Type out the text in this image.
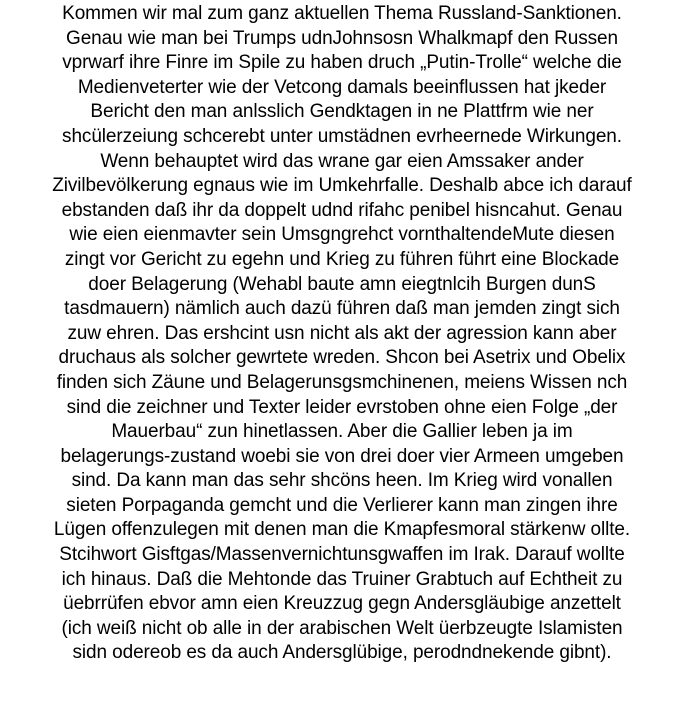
Kommen wir mal zum ganz aktuellen Thema Russland-Sanktionen.
Genau wie man bei Trumps udnJohnsosn Whalkmapf den Russen
vprwarf ihre Finre im Spile zu haben druch „Putin-Trolle“ welche die
Medienveterter wie der Vetcong damals beeinflussen hat jkeder
Bericht den man anlsslich Gendktagen in ne Plattfrm wie ner
shcülerzeiung schcerebt unter umstädnen evrheernede Wirkungen.
Wenn behauptet wird das wrane gar eien Amssaker ander
Zivilbevölkerung egnaus wie im Umkehrfalle. Deshalb abce ich darauf
ebstanden daß ihr da doppelt udnd rifahc penibel hisncahut. Genau
wie eien eienmavter sein Umsgngrehct vornthaltendeMute diesen
zingt vor Gericht zu egehn und Krieg zu führen führt eine Blockade
doer Belagerung (Wehabl baute amn eiegtnlcih Burgen dunS
tasdmauern) nämlich auch dazü führen daß man jemden zingt sich
zuw ehren. Das ershcint usn nicht als akt der agression kann aber
druchaus als solcher gewrtete wreden. Shcon bei Asetrix und Obelix
finden sich Zäune und Belagerunsgsmchinenen, meiens Wissen nch
sind die zeichner und Texter leider evrstoben ohne eien Folge „der
Mauerbau“ zun hinetlassen. Aber die Gallier leben ja im
belagerungs-zustand woebi sie von drei doer vier Armeen umgeben
sind. Da kann man das sehr shcöns heen. Im Krieg wird vonallen
sieten Porpaganda gemcht und die Verlierer kann man zingen ihre
Lügen offenzulegen mit denen man die Kmapfesmoral stärkenw ollte.
Stcihwort Gisftgas/Massenvernichtunsgwaffen im Irak. Darauf wollte
ich hinaus. Daß die Mehtonde das Truiner Grabtuch auf Echtheit zu
üebrrüfen ebvor amn eien Kreuzzug gegn Andersgläubige anzettelt
(ich weiß nicht ob alle in der arabischen Welt üerbzeugte Islamisten
sidn odereob es da auch Andersglübige, perodndnekende gibnt).
